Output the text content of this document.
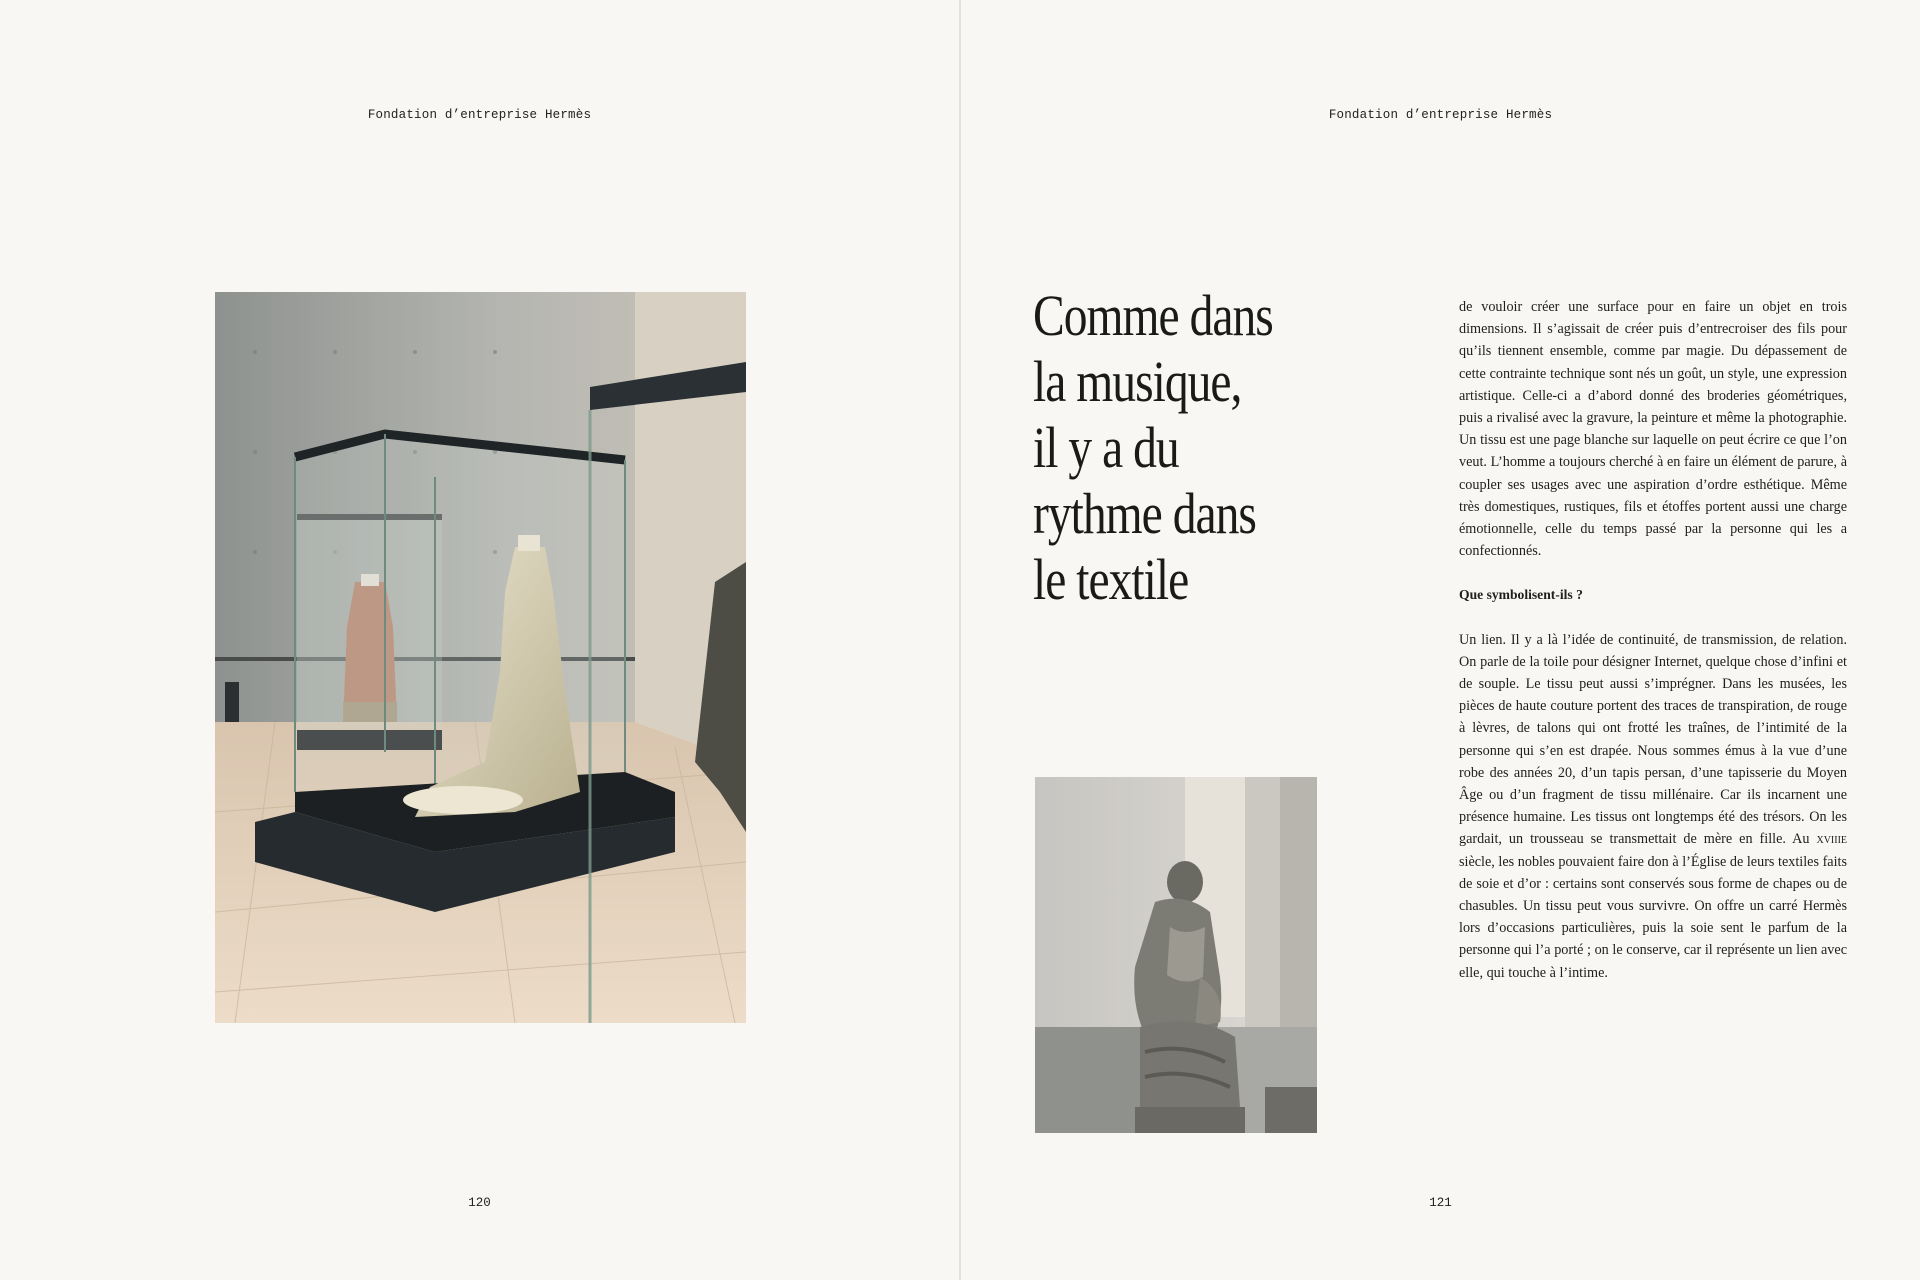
Fondation d’entreprise Hermès
120
Fondation d’entreprise Hermès
Comme dans
la musique,
il y a du
rythme dans
le textile

de vouloir créer une surface pour en faire un objet en trois dimensions. Il s’agissait de créer puis d’entrecroiser des fils pour qu’ils tiennent ensemble, comme par magie. Du dépassement de cette contrainte technique sont nés un goût, un style, une expression artistique. Celle-ci a d’abord donné des broderies géométriques, puis a rivalisé avec la gravure, la peinture et même la photographie. Un tissu est une page blanche sur laquelle on peut écrire ce que l’on veut. L’homme a toujours cherché à en faire un élément de parure, à coupler ses usages avec une aspiration d’ordre esthétique. Même très domestiques, rustiques, fils et étoffes portent aussi une charge émotionnelle, celle du temps passé par la personne qui les a confectionnés.

Que symbolisent-ils ?

Un lien. Il y a là l’idée de continuité, de transmission, de relation. On parle de la toile pour désigner Internet, quelque chose d’infini et de souple. Le tissu peut aussi s’imprégner. Dans les musées, les pièces de haute couture portent des traces de transpiration, de rouge à lèvres, de talons qui ont frotté les traînes, de l’intimité de la personne qui s’en est drapée. Nous sommes émus à la vue d’une robe des années 20, d’un tapis persan, d’une tapisserie du Moyen Âge ou d’un fragment de tissu millénaire. Car ils incarnent une présence humaine. Les tissus ont longtemps été des trésors. On les gardait, un trousseau se transmettait de mère en fille. Au xviiie siècle, les nobles pouvaient faire don à l’Église de leurs textiles faits de soie et d’or : certains sont conservés sous forme de chapes ou de chasubles. Un tissu peut vous survivre. On offre un carré Hermès lors d’occasions particulières, puis la soie sent le parfum de la personne qui l’a porté ; on le conserve, car il représente un lien avec elle, qui touche à l’intime.

121
